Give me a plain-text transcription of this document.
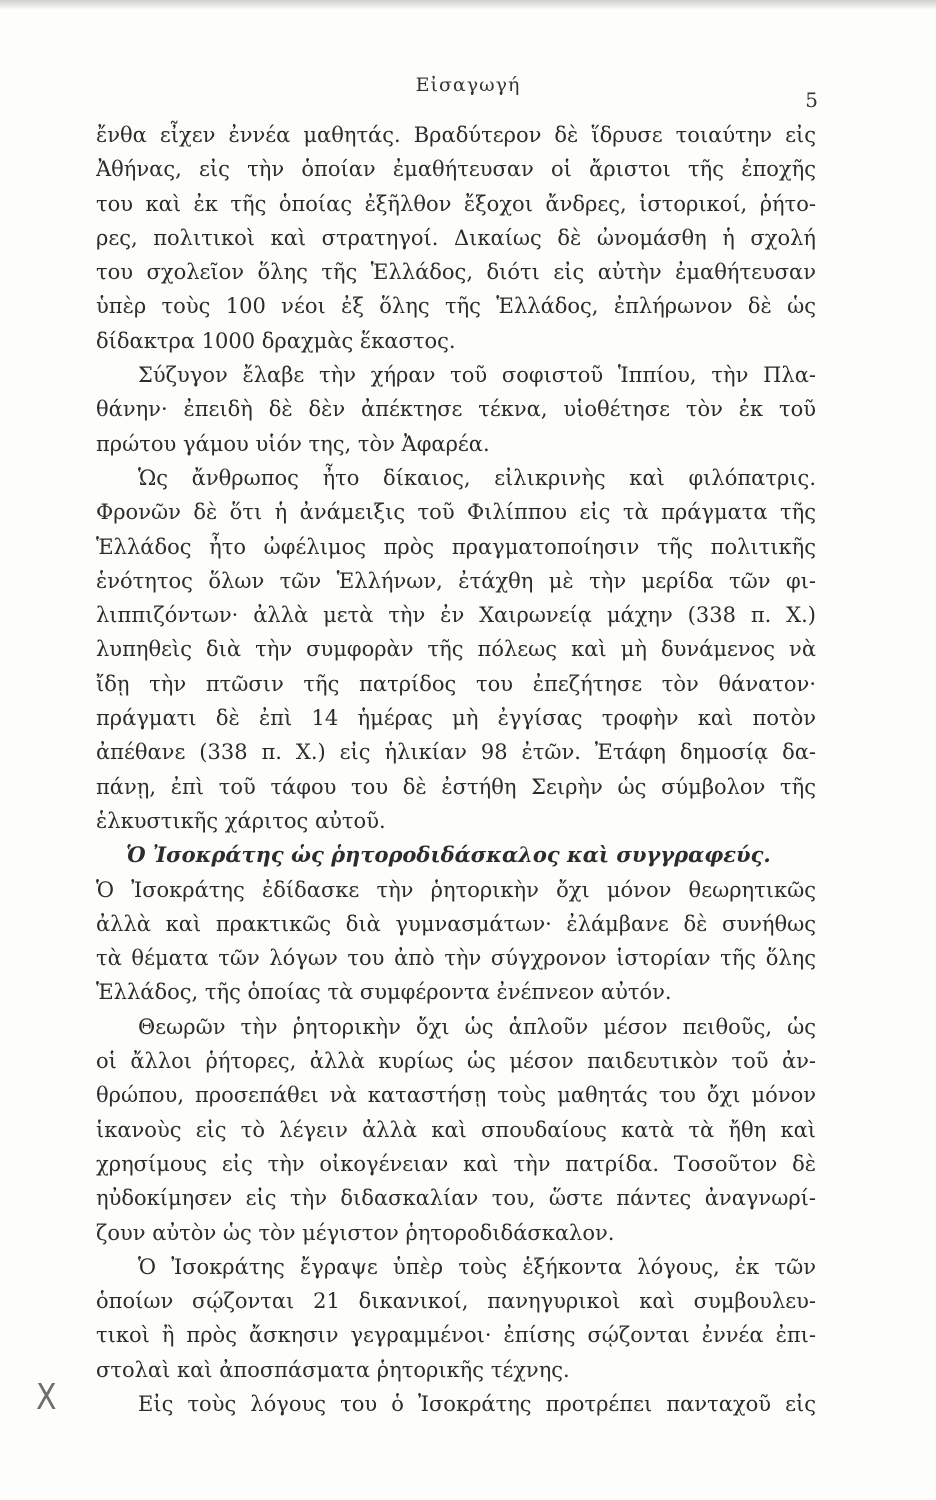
Εἰσαγωγή
5
ἔνθα εἶχεν ἐννέα μαθητάς. Βραδύτερον δὲ ἵδρυσε τοιαύτην εἰς
Ἀθήνας, εἰς τὴν ὁποίαν ἐμαθήτευσαν οἱ ἄριστοι τῆς ἐποχῆς
του καὶ ἐκ τῆς ὁποίας ἐξῆλθον ἔξοχοι ἄνδρες, ἱστορικοί, ῥήτο-
ρες, πολιτικοὶ καὶ στρατηγοί. Δικαίως δὲ ὠνομάσθη ἡ σχολή
του σχολεῖον ὅλης τῆς Ἑλλάδος, διότι εἰς αὐτὴν ἐμαθήτευσαν
ὑπὲρ τοὺς 100 νέοι ἐξ ὅλης τῆς Ἑλλάδος, ἐπλήρωνον δὲ ὡς
δίδακτρα 1000 δραχμὰς ἕκαστος.
Σύζυγον ἔλαβε τὴν χήραν τοῦ σοφιστοῦ Ἱππίου, τὴν Πλα-
θάνην· ἐπειδὴ δὲ δὲν ἀπέκτησε τέκνα, υἱοθέτησε τὸν ἐκ τοῦ
πρώτου γάμου υἱόν της, τὸν Ἀφαρέα.
Ὡς ἄνθρωπος ἦτο δίκαιος, εἰλικρινὴς καὶ φιλόπατρις.
Φρονῶν δὲ ὅτι ἡ ἀνάμειξις τοῦ Φιλίππου εἰς τὰ πράγματα τῆς
Ἑλλάδος ἦτο ὠφέλιμος πρὸς πραγματοποίησιν τῆς πολιτικῆς
ἑνότητος ὅλων τῶν Ἑλλήνων, ἐτάχθη μὲ τὴν μερίδα τῶν φι-
λιππιζόντων· ἀλλὰ μετὰ τὴν ἐν Χαιρωνείᾳ μάχην (338 π. Χ.)
λυπηθεὶς διὰ τὴν συμφορὰν τῆς πόλεως καὶ μὴ δυνάμενος νὰ
ἴδῃ τὴν πτῶσιν τῆς πατρίδος του ἐπεζήτησε τὸν θάνατον·
πράγματι δὲ ἐπὶ 14 ἡμέρας μὴ ἐγγίσας τροφὴν καὶ ποτὸν
ἀπέθανε (338 π. Χ.) εἰς ἡλικίαν 98 ἐτῶν. Ἐτάφη δημοσίᾳ δα-
πάνῃ, ἐπὶ τοῦ τάφου του δὲ ἐστήθη Σειρὴν ὡς σύμβολον τῆς
ἑλκυστικῆς χάριτος αὐτοῦ.
Ὁ Ἰσοκράτης ὡς ῥητοροδιδάσκαλος καὶ συγγραφεύς.
Ὁ Ἰσοκράτης ἐδίδασκε τὴν ῥητορικὴν ὄχι μόνον θεωρητικῶς
ἀλλὰ καὶ πρακτικῶς διὰ γυμνασμάτων· ἐλάμβανε δὲ συνήθως
τὰ θέματα τῶν λόγων του ἀπὸ τὴν σύγχρονον ἱστορίαν τῆς ὅλης
Ἑλλάδος, τῆς ὁποίας τὰ συμφέροντα ἐνέπνεον αὐτόν.
Θεωρῶν τὴν ῥητορικὴν ὄχι ὡς ἁπλοῦν μέσον πειθοῦς, ὡς
οἱ ἄλλοι ῥήτορες, ἀλλὰ κυρίως ὡς μέσον παιδευτικὸν τοῦ ἀν-
θρώπου, προσεπάθει νὰ καταστήσῃ τοὺς μαθητάς του ὄχι μόνον
ἱκανοὺς εἰς τὸ λέγειν ἀλλὰ καὶ σπουδαίους κατὰ τὰ ἤθη καὶ
χρησίμους εἰς τὴν οἰκογένειαν καὶ τὴν πατρίδα. Τοσοῦτον δὲ
ηὐδοκίμησεν εἰς τὴν διδασκαλίαν του, ὥστε πάντες ἀναγνωρί-
ζουν αὐτὸν ὡς τὸν μέγιστον ῥητοροδιδάσκαλον.
Ὁ Ἰσοκράτης ἔγραψε ὑπὲρ τοὺς ἑξήκοντα λόγους, ἐκ τῶν
ὁποίων σῴζονται 21 δικανικοί, πανηγυρικοὶ καὶ συμβουλευ-
τικοὶ ἢ πρὸς ἄσκησιν γεγραμμένοι· ἐπίσης σῴζονται ἐννέα ἐπι-
στολαὶ καὶ ἀποσπάσματα ῥητορικῆς τέχνης.
Εἰς τοὺς λόγους του ὁ Ἰσοκράτης προτρέπει πανταχοῦ εἰς
X
